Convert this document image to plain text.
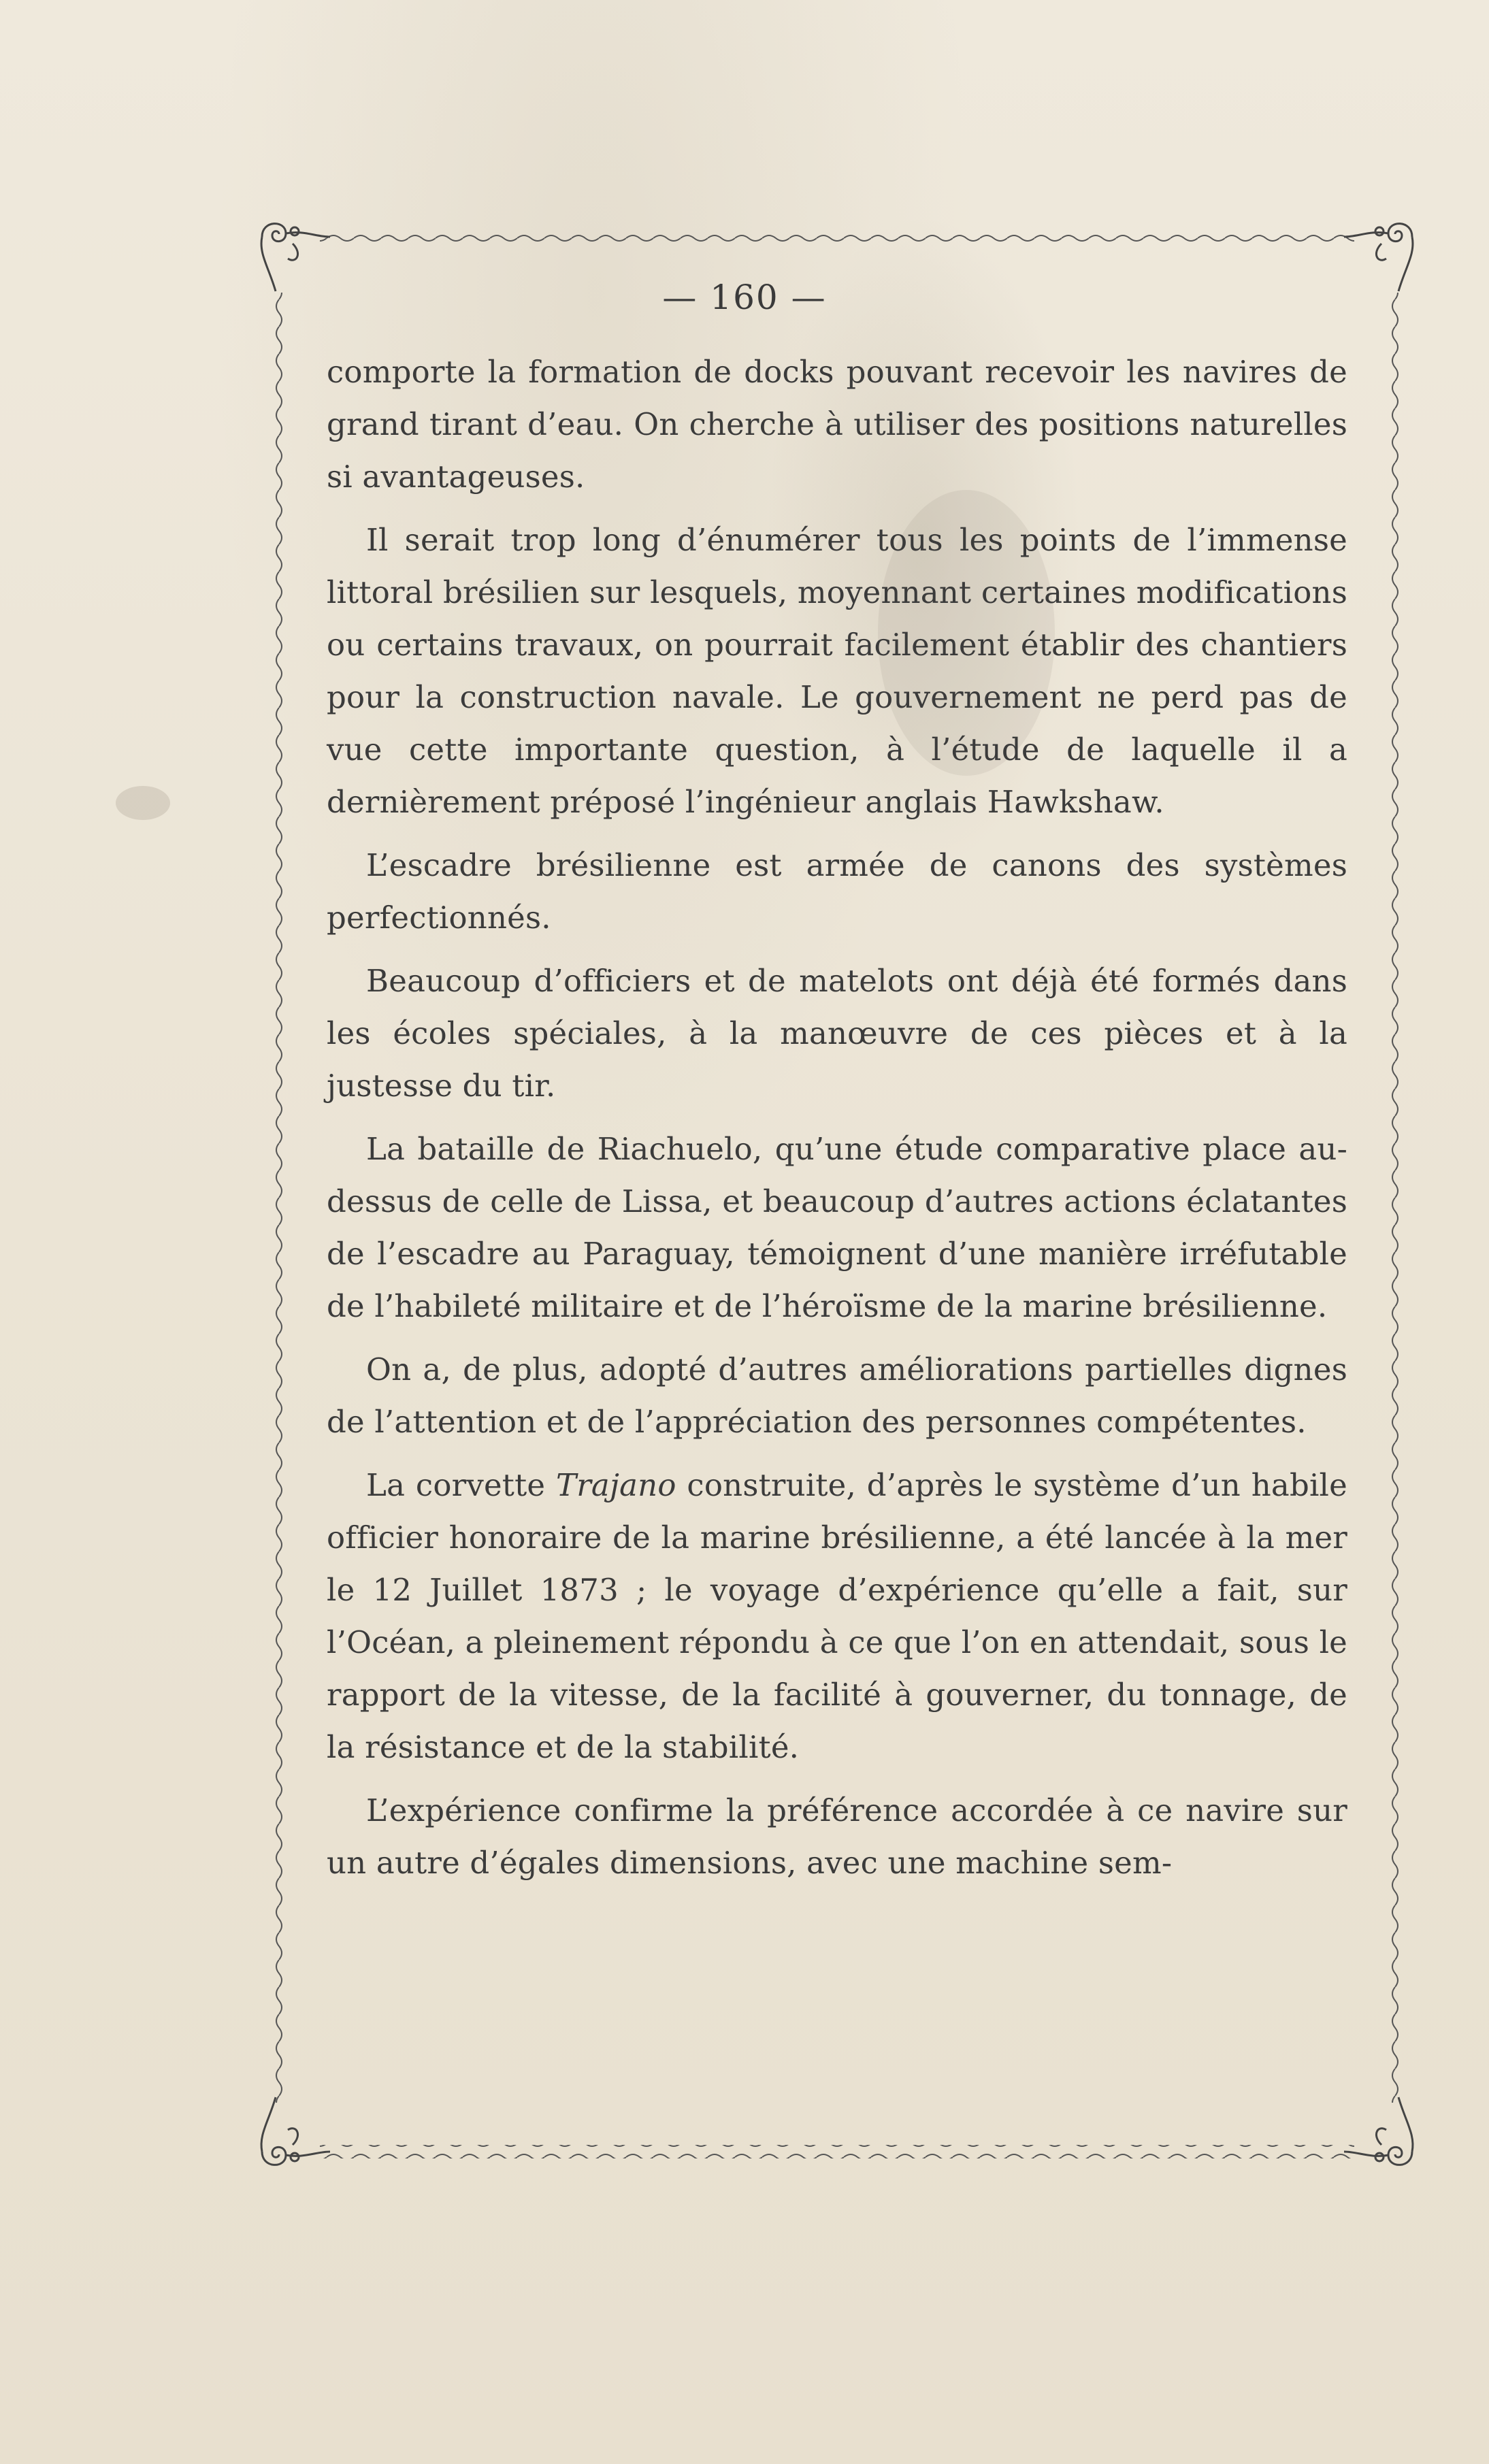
— 160 —

comporte la formation de docks pouvant recevoir les navires de grand tirant d’eau. On cherche à utiliser des positions naturelles si avantageuses.

Il serait trop long d’énumérer tous les points de l’immense littoral brésilien sur lesquels, moyennant certaines modifications ou certains travaux, on pourrait facilement établir des chantiers pour la construction navale. Le gouvernement ne perd pas de vue cette importante question, à l’étude de laquelle il a dernièrement préposé l’ingénieur anglais Hawkshaw.

L’escadre brésilienne est armée de canons des systèmes perfectionnés.

Beaucoup d’officiers et de matelots ont déjà été formés dans les écoles spéciales, à la manœuvre de ces pièces et à la justesse du tir.

La bataille de Riachuelo, qu’une étude comparative place au-dessus de celle de Lissa, et beaucoup d’autres actions éclatantes de l’escadre au Paraguay, témoignent d’une manière irréfutable de l’habileté militaire et de l’héroïsme de la marine brésilienne.

On a, de plus, adopté d’autres améliorations partielles dignes de l’attention et de l’appréciation des personnes compétentes.

La corvette Trajano construite, d’après le système d’un habile officier honoraire de la marine brésilienne, a été lancée à la mer le 12 Juillet 1873 ; le voyage d’expérience qu’elle a fait, sur l’Océan, a pleinement répondu à ce que l’on en attendait, sous le rapport de la vitesse, de la facilité à gouverner, du tonnage, de la résistance et de la stabilité.

L’expérience confirme la préférence accordée à ce navire sur un autre d’égales dimensions, avec une machine sem-
